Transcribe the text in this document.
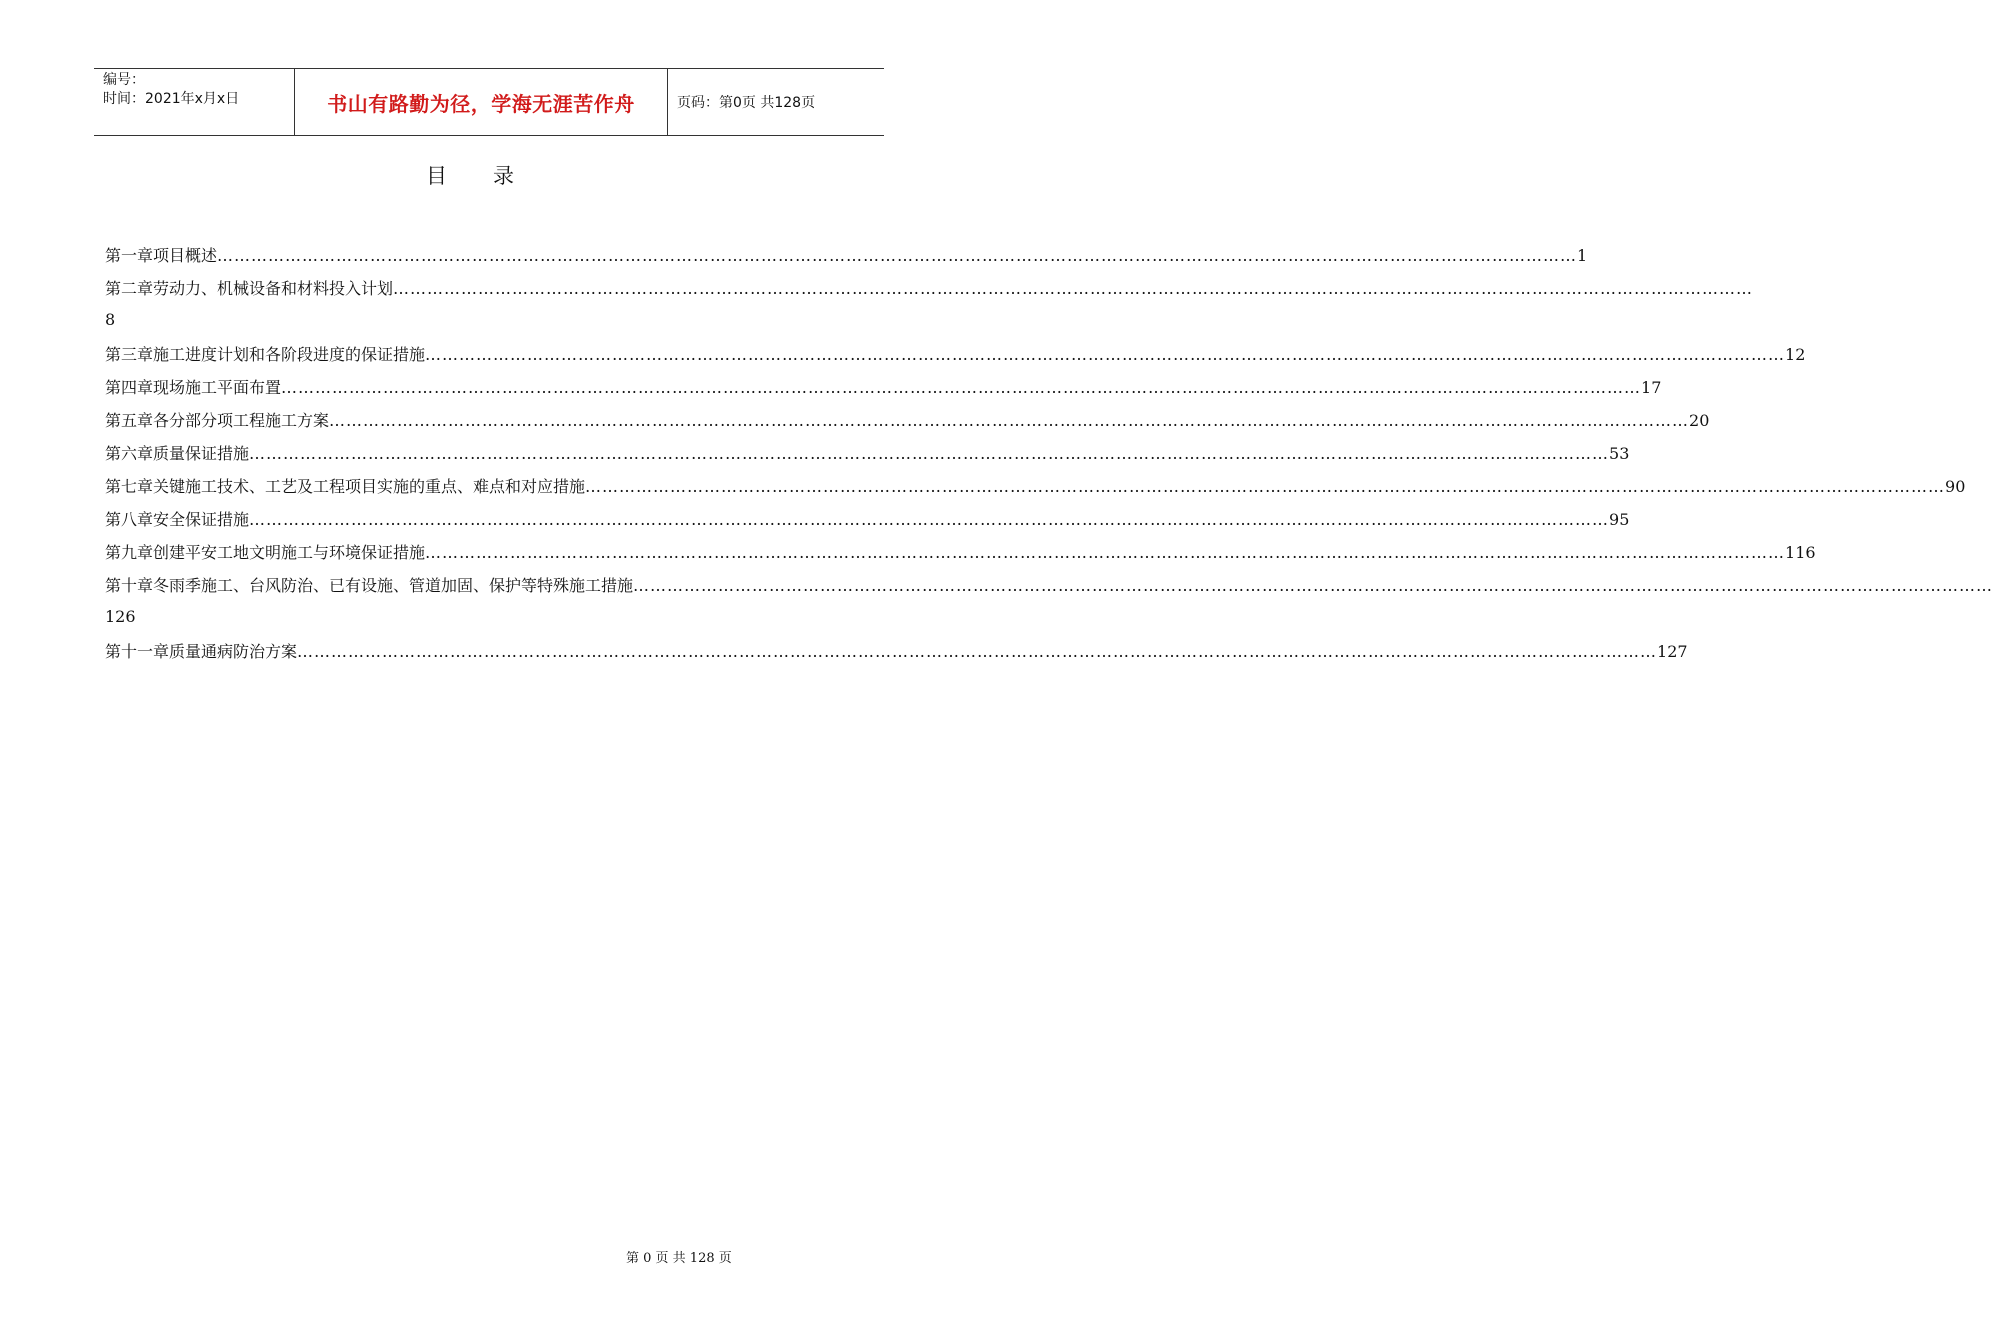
编号：
时间：2021年x月x日	书山有路勤为径，学海无涯苦作舟	页码：第0页 共128页
目录
第一章 项目概述 …………………………………………………………………………………………………………………………………………………………………………………………………………………… 1
第二章 劳动力、机械设备和材料投入计划 ……………………………………………………………………………………………………………………………………………………………………………………………………………………
8
第三章 施工进度计划和各阶段进度的保证措施 …………………………………………………………………………………………………………………………………………………………………………………………………………………… 12
第四章 现场施工平面布置 …………………………………………………………………………………………………………………………………………………………………………………………………………………… 17
第五章 各分部分项工程施工方案 …………………………………………………………………………………………………………………………………………………………………………………………………………………… 20
第六章 质量保证措施 …………………………………………………………………………………………………………………………………………………………………………………………………………………… 53
第七章 关键施工技术、工艺及工程项目实施的重点、难点和对应措施 …………………………………………………………………………………………………………………………………………………………………………………………………………………… 90
第八章 安全保证措施 …………………………………………………………………………………………………………………………………………………………………………………………………………………… 95
第九章 创建平安工地文明施工与环境保证措施 …………………………………………………………………………………………………………………………………………………………………………………………………………………… 116
第十章 冬雨季施工、台风防治、已有设施、管道加固、保护等特殊施工措施 ……………………………………………………………………………………………………………………………………………………………………………………………………………………
126
第十一章 质量通病防治方案 …………………………………………………………………………………………………………………………………………………………………………………………………………………… 127
第 0 页 共 128 页
